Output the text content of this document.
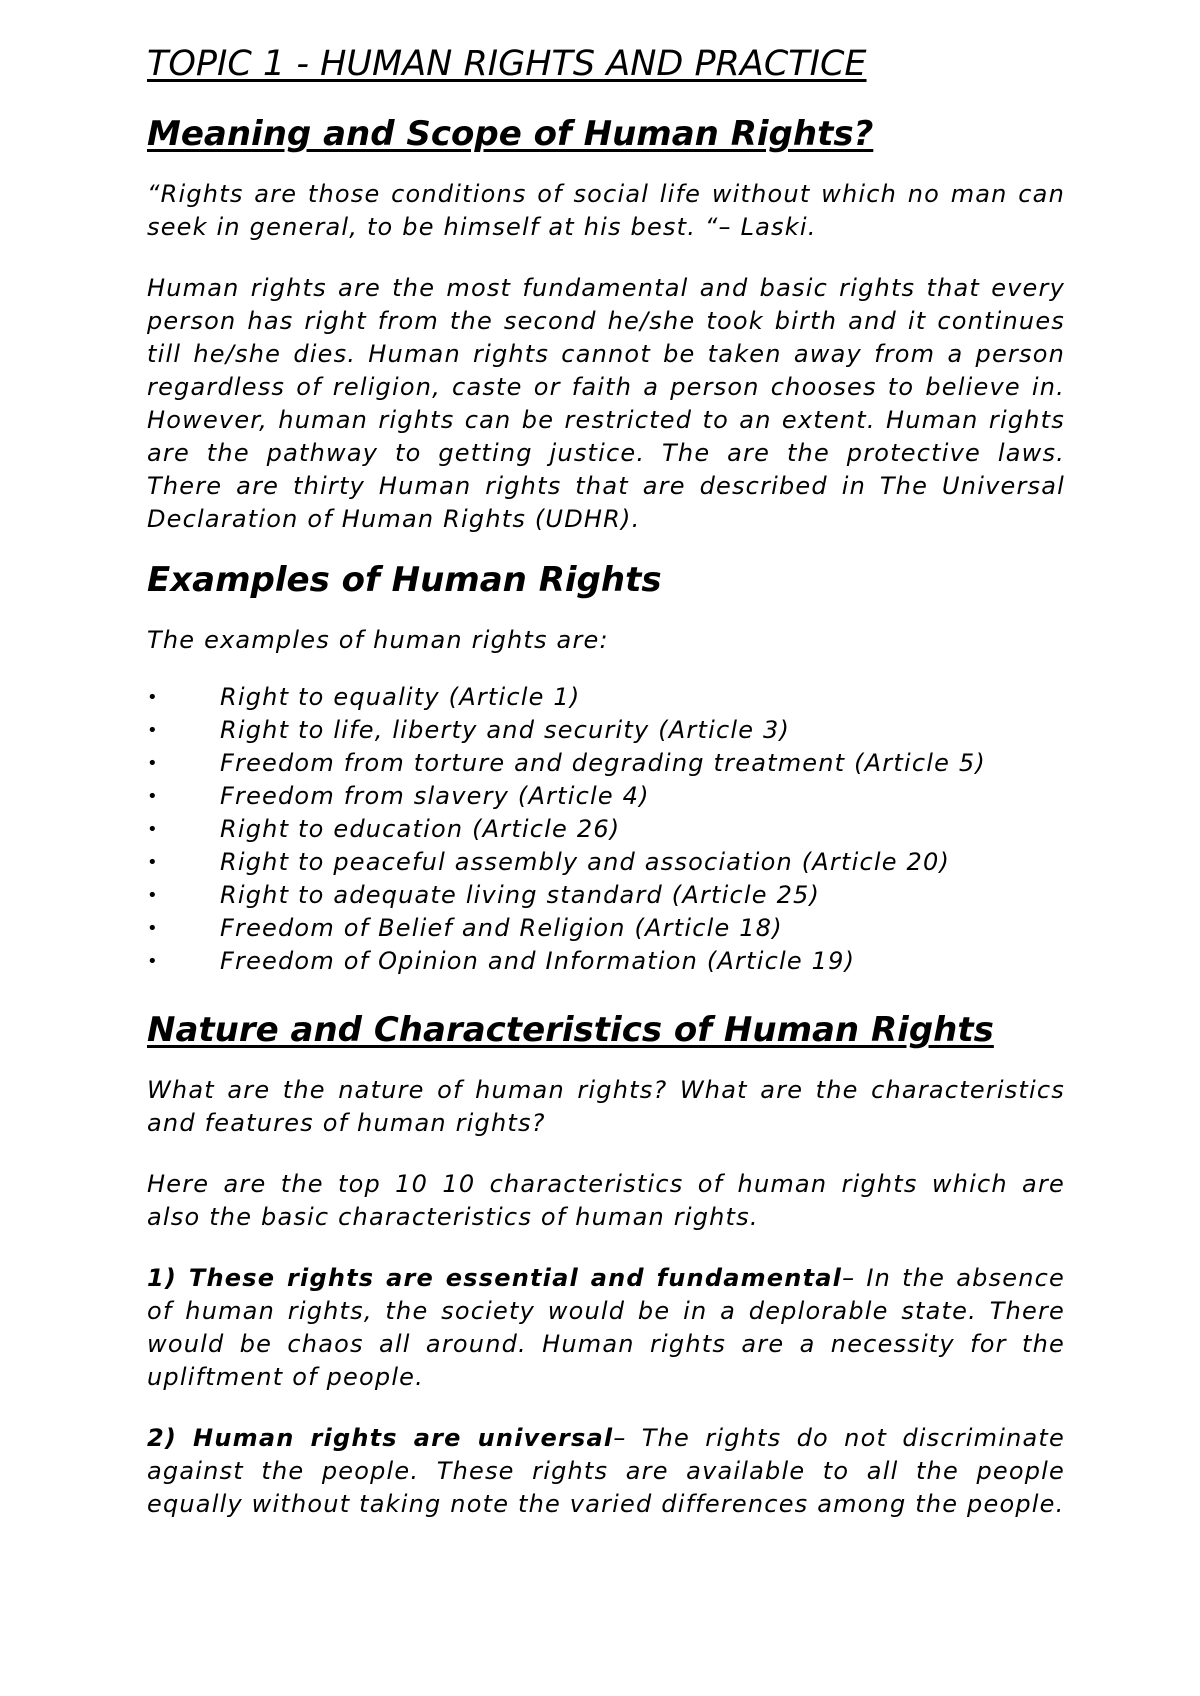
TOPIC 1 - HUMAN RIGHTS AND PRACTICE
Meaning and Scope of Human Rights?

“Rights are those conditions of social life without which no man can seek in general, to be himself at his best. “– Laski.

Human rights are the most fundamental and basic rights that every person has right from the second he/she took birth and it continues till he/she dies. Human rights cannot be taken away from a person regardless of religion, caste or faith a person chooses to believe in. However, human rights can be restricted to an extent. Human rights are the pathway to getting justice. The are the protective laws. There are thirty Human rights that are described in The Universal Declaration of Human Rights (UDHR).

Examples of Human Rights

The examples of human rights are:

•	Right to equality (Article 1)
•	Right to life, liberty and security (Article 3)
•	Freedom from torture and degrading treatment (Article 5)
•	Freedom from slavery (Article 4)
•	Right to education (Article 26)
•	Right to peaceful assembly and association (Article 20)
•	Right to adequate living standard (Article 25)
•	Freedom of Belief and Religion (Article 18)
•	Freedom of Opinion and Information (Article 19)
Nature and Characteristics of Human Rights

What are the nature of human rights? What are the characteristics and features of human rights?

Here are the top 10 10 characteristics of human rights which are also the basic characteristics of human rights.

1) These rights are essential and fundamental– In the absence of human rights, the society would be in a deplorable state. There would be chaos all around. Human rights are a necessity for the upliftment of people.

2) Human rights are universal– The rights do not discriminate against the people. These rights are available to all the people equally without taking note the varied differences among the people.
